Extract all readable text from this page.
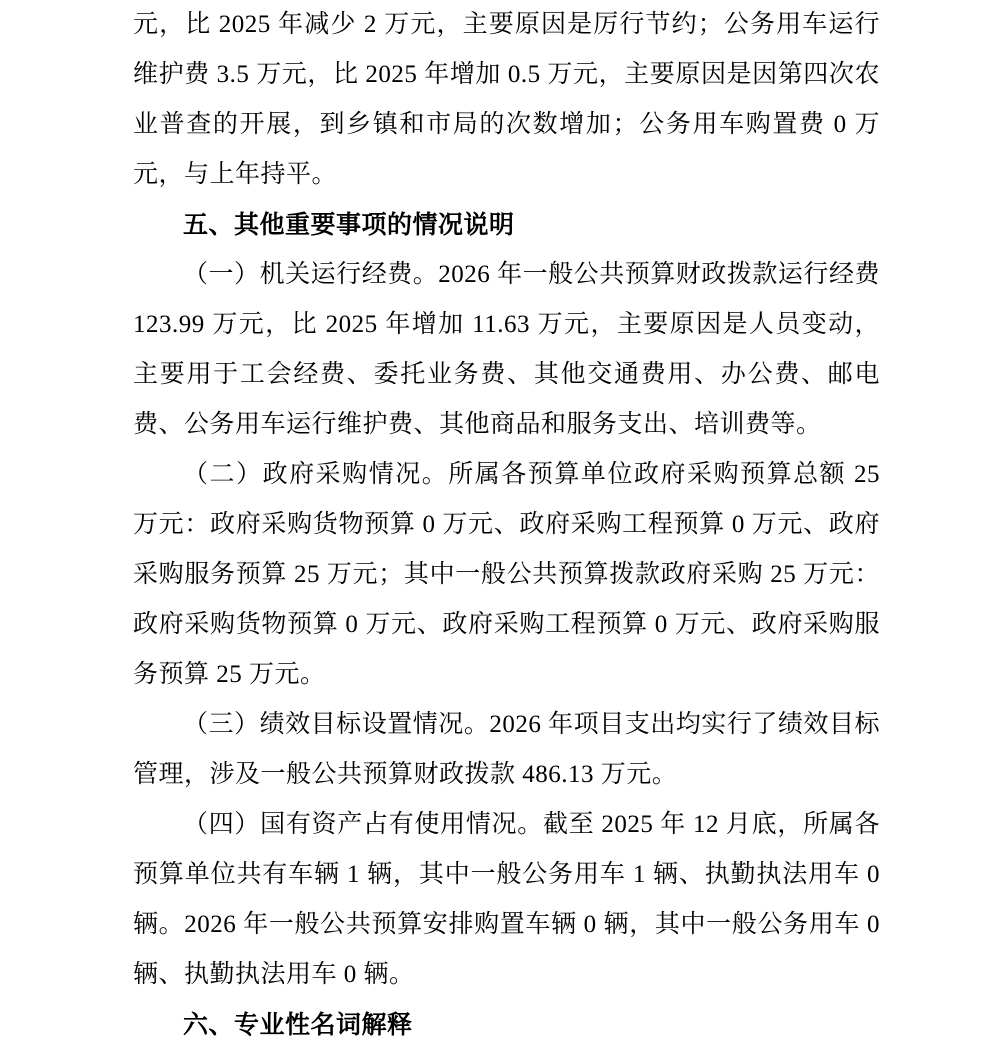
元，比 2025 年减少 2 万元，主要原因是厉行节约；公务用车运行维护费 3.5 万元，比 2025 年增加 0.5 万元，主要原因是因第四次农业普查的开展，到乡镇和市局的次数增加；公务用车购置费 0 万元，与上年持平。

五、其他重要事项的情况说明

（一）机关运行经费。2026 年一般公共预算财政拨款运行经费 123.99 万元，比 2025 年增加 11.63 万元，主要原因是人员变动，主要用于工会经费、委托业务费、其他交通费用、办公费、邮电费、公务用车运行维护费、其他商品和服务支出、培训费等。

（二）政府采购情况。所属各预算单位政府采购预算总额 25 万元：政府采购货物预算 0 万元、政府采购工程预算 0 万元、政府采购服务预算 25 万元；其中一般公共预算拨款政府采购 25 万元：政府采购货物预算 0 万元、政府采购工程预算 0 万元、政府采购服务预算 25 万元。

（三）绩效目标设置情况。2026 年项目支出均实行了绩效目标管理，涉及一般公共预算财政拨款 486.13 万元。

（四）国有资产占有使用情况。截至 2025 年 12 月底，所属各预算单位共有车辆 1 辆，其中一般公务用车 1 辆、执勤执法用车 0 辆。2026 年一般公共预算安排购置车辆 0 辆，其中一般公务用车 0 辆、执勤执法用车 0 辆。

六、专业性名词解释
